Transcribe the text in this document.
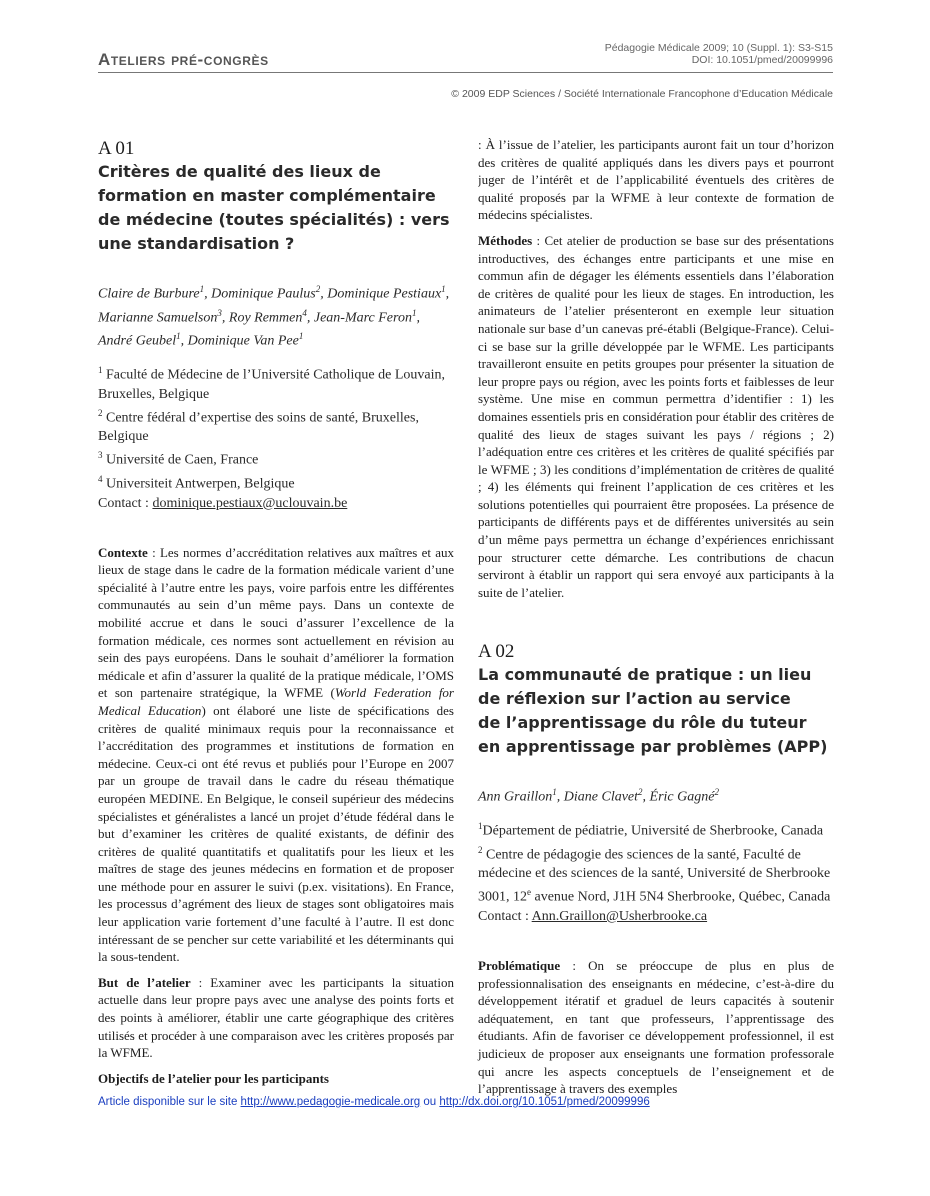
Ateliers pré-congrès
Pédagogie Médicale 2009; 10 (Suppl. 1): S3-S15
DOI: 10.1051/pmed/20099996
© 2009 EDP Sciences / Société Internationale Francophone d’Education Médicale
A 01
Critères de qualité des lieux de formation en master complémentaire de médecine (toutes spécialités) : vers une standardisation ?
Claire de Burbure$^1$, Dominique Paulus$^2$, Dominique Pestiaux$^1$, Marianne Samuelson$^3$, Roy Remmen$^4$, Jean-Marc Feron$^1$, André Geubel$^1$, Dominique Van Pee$^1$
$^1$ Faculté de Médecine de l’Université Catholique de Louvain, Bruxelles, Belgique
$^2$ Centre fédéral d’expertise des soins de santé, Bruxelles, Belgique
$^3$ Université de Caen, France
$^4$ Universiteit Antwerpen, Belgique
Contact : dominique.pestiaux@uclouvain.be

Contexte : Les normes d’accréditation relatives aux maîtres et aux lieux de stage dans le cadre de la formation médicale varient d’une spécialité à l’autre entre les pays, voire parfois entre les différentes communautés au sein d’un même pays. Dans un contexte de mobilité accrue et dans le souci d’assurer l’excellence de la formation médicale, ces normes sont actuellement en révision au sein des pays européens. Dans le souhait d’améliorer la formation médicale et afin d’assurer la qualité de la pratique médicale, l’OMS et son partenaire stratégique, la WFME (World Federation for Medical Education) ont élaboré une liste de spécifications des critères de qualité minimaux requis pour la reconnaissance et l’accréditation des programmes et institutions de formation en médecine. Ceux-ci ont été revus et publiés pour l’Europe en 2007 par un groupe de travail dans le cadre du réseau thématique européen MEDINE. En Belgique, le conseil supérieur des médecins spécialistes et généralistes a lancé un projet d’étude fédéral dans le but d’examiner les critères de qualité existants, de définir des critères de qualité quantitatifs et qualitatifs pour les lieux et les maîtres de stage des jeunes médecins en formation et de proposer une méthode pour en assurer le suivi (p.ex. visitations). En France, les processus d’agrément des lieux de stages sont obligatoires mais leur application varie fortement d’une faculté à l’autre. Il est donc intéressant de se pencher sur cette variabilité et les déterminants qui la sous-tendent.

But de l’atelier : Examiner avec les participants la situation actuelle dans leur propre pays avec une analyse des points forts et des points à améliorer, établir une carte géographique des critères utilisés et procéder à une comparaison avec les critères proposés par la WFME.

Objectifs de l’atelier pour les participants

: À l’issue de l’atelier, les participants auront fait un tour d’horizon des critères de qualité appliqués dans les divers pays et pourront juger de l’intérêt et de l’applicabilité éventuels des critères de qualité proposés par la WFME à leur contexte de formation de médecins spécialistes.

Méthodes : Cet atelier de production se base sur des présentations introductives, des échanges entre participants et une mise en commun afin de dégager les éléments essentiels dans l’élaboration de critères de qualité pour les lieux de stages. En introduction, les animateurs de l’atelier présenteront en exemple leur situation nationale sur base d’un canevas pré-établi (Belgique-France). Celui-ci se base sur la grille développée par le WFME. Les participants travailleront ensuite en petits groupes pour présenter la situation de leur propre pays ou région, avec les points forts et faiblesses de leur système. Une mise en commun permettra d’identifier : 1) les domaines essentiels pris en considération pour établir des critères de qualité des lieux de stages suivant les pays / régions ; 2) l’adéquation entre ces critères et les critères de qualité spécifiés par le WFME ; 3) les conditions d’implémentation de critères de qualité ; 4) les éléments qui freinent l’application de ces critères et les solutions potentielles qui pourraient être proposées. La présence de participants de différents pays et de différentes universités au sein d’un même pays permettra un échange d’expériences enrichissant pour structurer cette démarche. Les contributions de chacun serviront à établir un rapport qui sera envoyé aux participants à la suite de l’atelier.

A 02
La communauté de pratique : un lieu
de réflexion sur l’action au service
de l’apprentissage du rôle du tuteur
en apprentissage par problèmes (APP)
Ann Graillon$^1$, Diane Clavet$^2$, Éric Gagné$^2$
$^1$Département de pédiatrie, Université de Sherbrooke, Canada
$^2$ Centre de pédagogie des sciences de la santé, Faculté de médecine et des sciences de la santé, Université de Sherbrooke 3001, 12e avenue Nord, J1H 5N4 Sherbrooke, Québec, Canada
Contact : Ann.Graillon@Usherbrooke.ca

Problématique : On se préoccupe de plus en plus de professionnalisation des enseignants en médecine, c’est-à-dire du développement itératif et graduel de leurs capacités à soutenir adéquatement, en tant que professeurs, l’apprentissage des étudiants. Afin de favoriser ce développement professionnel, il est judicieux de proposer aux enseignants une formation professorale qui ancre les aspects conceptuels de l’enseignement et de l’apprentissage à travers des exemples

Article disponible sur le site http://www.pedagogie-medicale.org ou http://dx.doi.org/10.1051/pmed/20099996
